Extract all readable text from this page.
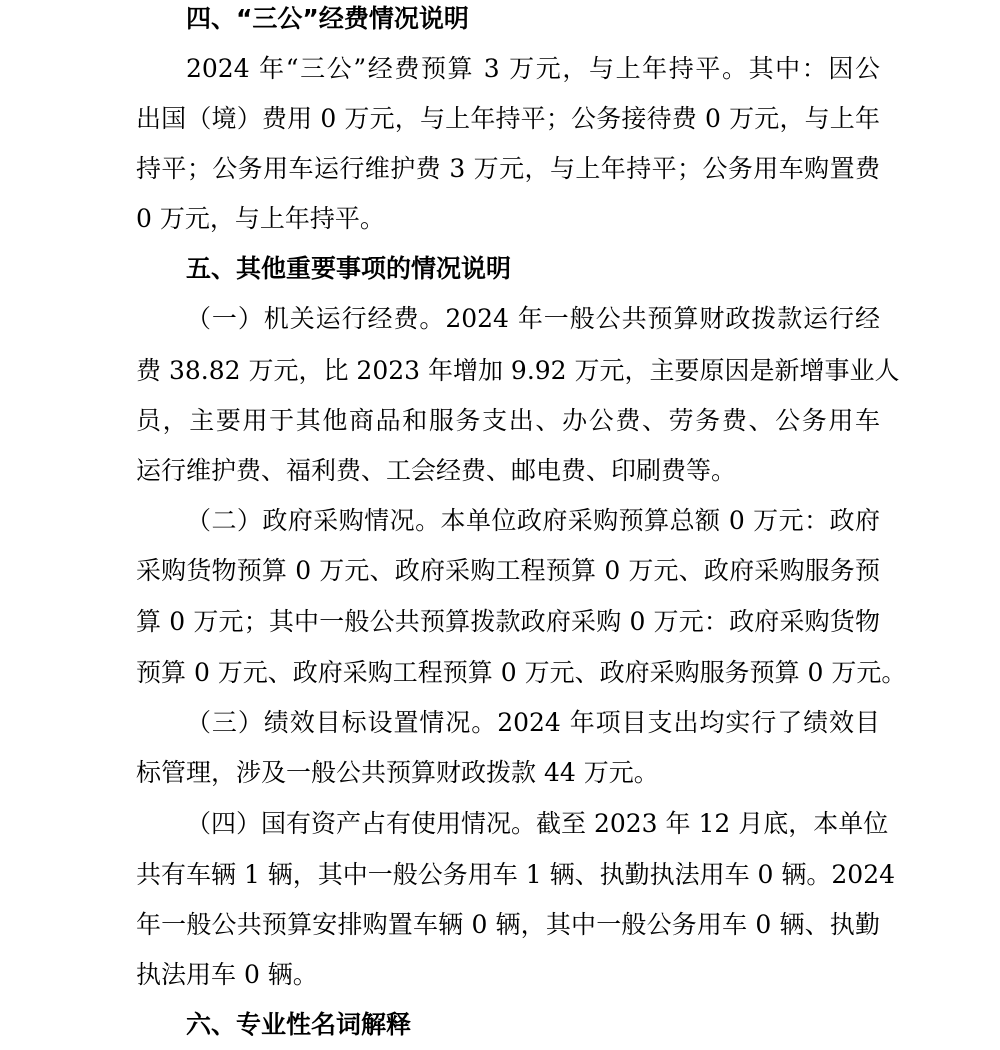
四、“三公”经费情况说明
2024 年“三公”经费预算 3 万元，与上年持平。其中：因公
出国（境）费用 0 万元，与上年持平；公务接待费 0 万元，与上年
持平；公务用车运行维护费 3 万元，与上年持平；公务用车购置费
0 万元，与上年持平。
五、其他重要事项的情况说明
（一）机关运行经费。2024 年一般公共预算财政拨款运行经
费 38.82 万元，比 2023 年增加 9.92 万元，主要原因是新增事业人
员，主要用于其他商品和服务支出、办公费、劳务费、公务用车
运行维护费、福利费、工会经费、邮电费、印刷费等。
（二）政府采购情况。本单位政府采购预算总额 0 万元：政府
采购货物预算 0 万元、政府采购工程预算 0 万元、政府采购服务预
算 0 万元；其中一般公共预算拨款政府采购 0 万元：政府采购货物
预算 0 万元、政府采购工程预算 0 万元、政府采购服务预算 0 万元。
（三）绩效目标设置情况。2024 年项目支出均实行了绩效目
标管理，涉及一般公共预算财政拨款 44 万元。
（四）国有资产占有使用情况。截至 2023 年 12 月底，本单位
共有车辆 1 辆，其中一般公务用车 1 辆、执勤执法用车 0 辆。2024
年一般公共预算安排购置车辆 0 辆，其中一般公务用车 0 辆、执勤
执法用车 0 辆。
六、专业性名词解释
